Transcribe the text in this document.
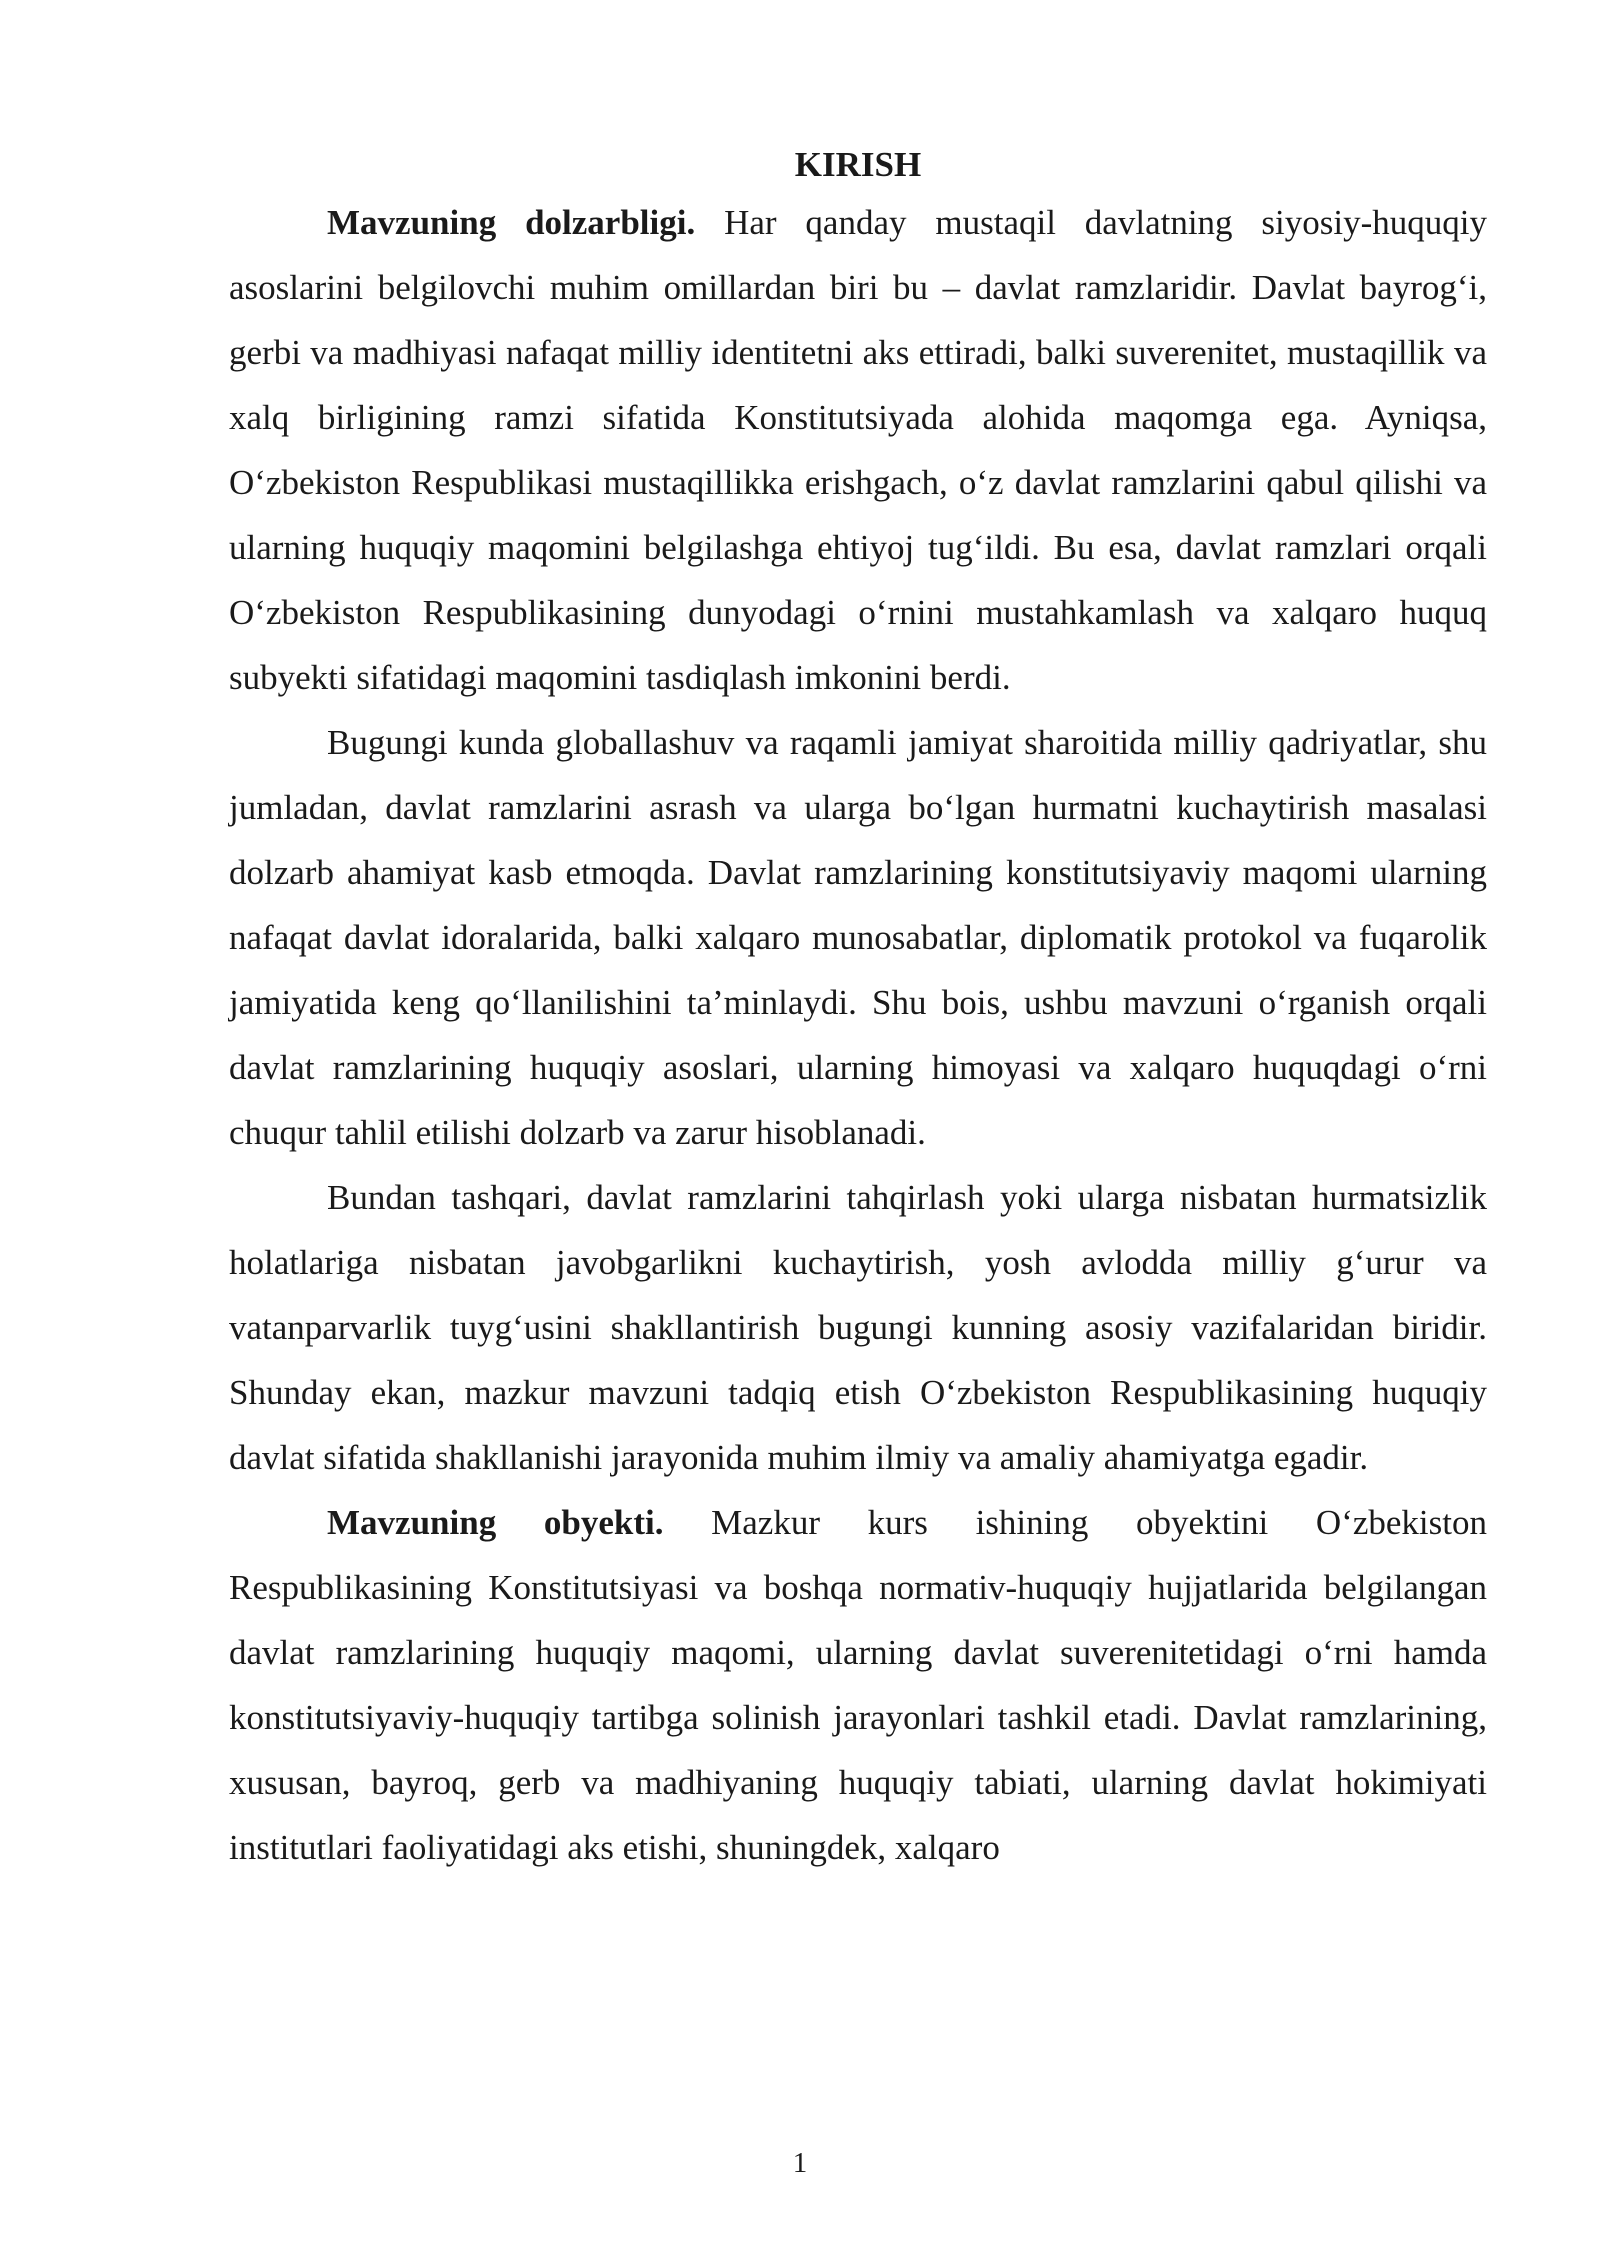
KIRISH

Mavzuning dolzarbligi. Har qanday mustaqil davlatning siyosiy-huquqiy asoslarini belgilovchi muhim omillardan biri bu – davlat ramzlaridir. Davlat bayrog‘i, gerbi va madhiyasi nafaqat milliy identitetni aks ettiradi, balki suverenitet, mustaqillik va xalq birligining ramzi sifatida Konstitutsiyada alohida maqomga ega. Ayniqsa, O‘zbekiston Respublikasi mustaqillikka erishgach, o‘z davlat ramzlarini qabul qilishi va ularning huquqiy maqomini belgilashga ehtiyoj tug‘ildi. Bu esa, davlat ramzlari orqali O‘zbekiston Respublikasining dunyodagi o‘rnini mustahkamlash va xalqaro huquq subyekti sifatidagi maqomini tasdiqlash imkonini berdi.

Bugungi kunda globallashuv va raqamli jamiyat sharoitida milliy qadriyatlar, shu jumladan, davlat ramzlarini asrash va ularga bo‘lgan hurmatni kuchaytirish masalasi dolzarb ahamiyat kasb etmoqda. Davlat ramzlarining konstitutsiyaviy maqomi ularning nafaqat davlat idoralarida, balki xalqaro munosabatlar, diplomatik protokol va fuqarolik jamiyatida keng qo‘llanilishini ta’minlaydi. Shu bois, ushbu mavzuni o‘rganish orqali davlat ramzlarining huquqiy asoslari, ularning himoyasi va xalqaro huquqdagi o‘rni chuqur tahlil etilishi dolzarb va zarur hisoblanadi.

Bundan tashqari, davlat ramzlarini tahqirlash yoki ularga nisbatan hurmatsizlik holatlariga nisbatan javobgarlikni kuchaytirish, yosh avlodda milliy g‘urur va vatanparvarlik tuyg‘usini shakllantirish bugungi kunning asosiy vazifalaridan biridir. Shunday ekan, mazkur mavzuni tadqiq etish O‘zbekiston Respublikasining huquqiy davlat sifatida shakllanishi jarayonida muhim ilmiy va amaliy ahamiyatga egadir.

Mavzuning obyekti. Mazkur kurs ishining obyektini O‘zbekiston Respublikasining Konstitutsiyasi va boshqa normativ-huquqiy hujjatlarida belgilangan davlat ramzlarining huquqiy maqomi, ularning davlat suverenitetidagi o‘rni hamda konstitutsiyaviy-huquqiy tartibga solinish jarayonlari tashkil etadi. Davlat ramzlarining, xususan, bayroq, gerb va madhiyaning huquqiy tabiati, ularning davlat hokimiyati institutlari faoliyatidagi aks etishi, shuningdek, xalqaro

1
